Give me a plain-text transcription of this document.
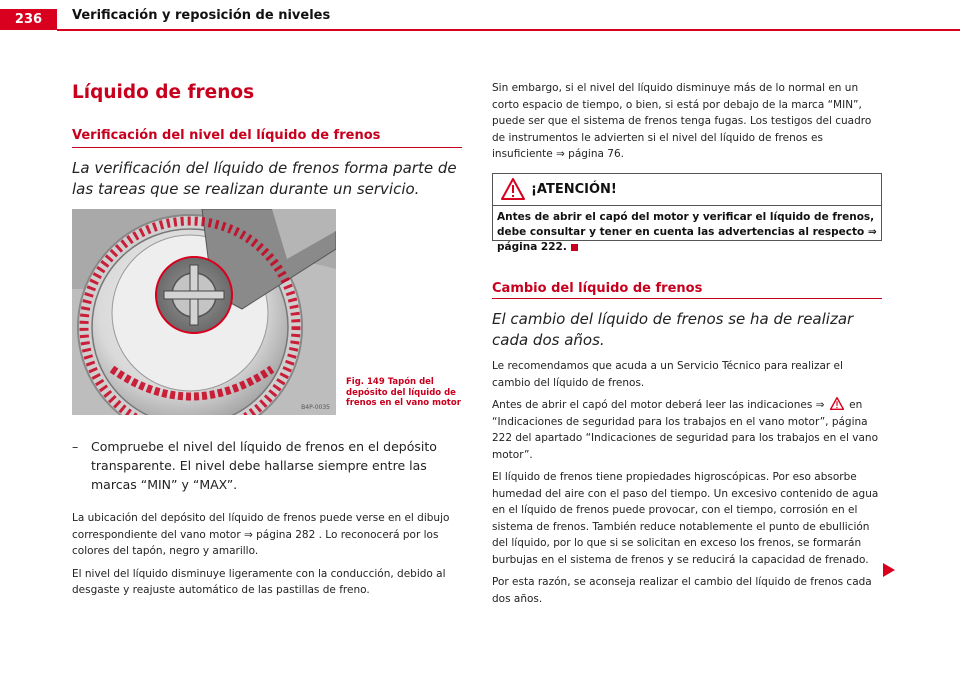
236	Verificación y reposición de niveles
Líquido de frenos
Verificación del nivel del líquido de frenos
La verificación del líquido de frenos forma parte de las tareas que se realizan durante un servicio.
B4P-0035
Fig. 149 Tapón del depósito del líquido de frenos en el vano motor
– Compruebe el nivel del líquido de frenos en el depósito transparente. El nivel debe hallarse siempre entre las marcas “MIN” y “MAX”.

La ubicación del depósito del líquido de frenos puede verse en el dibujo correspondiente del vano motor ⇒ página 282 . Lo reconocerá por los colores del tapón, negro y amarillo.

El nivel del líquido disminuye ligeramente con la conducción, debido al desgaste y reajuste automático de las pastillas de freno.

Sin embargo, si el nivel del líquido disminuye más de lo normal en un corto espacio de tiempo, o bien, si está por debajo de la marca “MIN”, puede ser que el sistema de frenos tenga fugas. Los testigos del cuadro de instrumentos le advierten si el nivel del líquido de frenos es insuficiente ⇒ página 76.
¡ATENCIÓN!
Antes de abrir el capó del motor y verificar el líquido de frenos, debe consultar y tener en cuenta las advertencias al respecto ⇒ página 222.
Cambio del líquido de frenos
El cambio del líquido de frenos se ha de realizar cada dos años.

Le recomendamos que acuda a un Servicio Técnico para realizar el cambio del líquido de frenos.

Antes de abrir el capó del motor deberá leer las indicaciones ⇒ en “Indicaciones de seguridad para los trabajos en el vano motor”, página 222 del apartado “Indicaciones de seguridad para los trabajos en el vano motor”.

El líquido de frenos tiene propiedades higroscópicas. Por eso absorbe humedad del aire con el paso del tiempo. Un excesivo contenido de agua en el líquido de frenos puede provocar, con el tiempo, corrosión en el sistema de frenos. También reduce notablemente el punto de ebullición del líquido, por lo que si se solicitan en exceso los frenos, se formarán burbujas en el sistema de frenos y se reducirá la capacidad de frenado.

Por esta razón, se aconseja realizar el cambio del líquido de frenos cada dos años.
